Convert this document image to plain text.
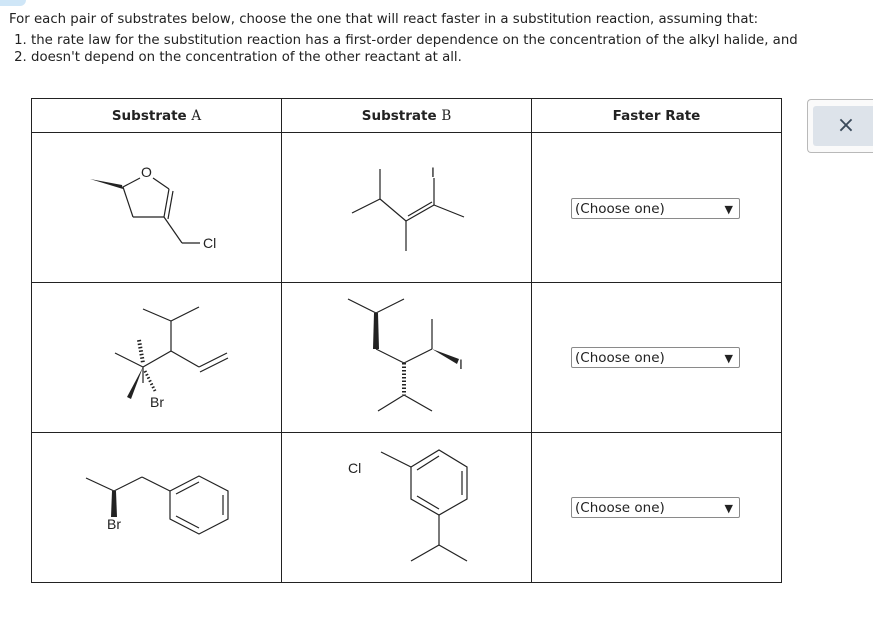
For each pair of substrates below, choose the one that will react faster in a substitution reaction, assuming that:
1. the rate law for the substitution reaction has a first-order dependence on the concentration of the alkyl halide, and
2. doesn't depend on the concentration of the other reactant at all.
Substrate A	Substrate B	Faster Rate

O
Cl	I	(Choose one) ▼

Br	I	(Choose one) ▼

Br	Cl	(Choose one) ▼
×
